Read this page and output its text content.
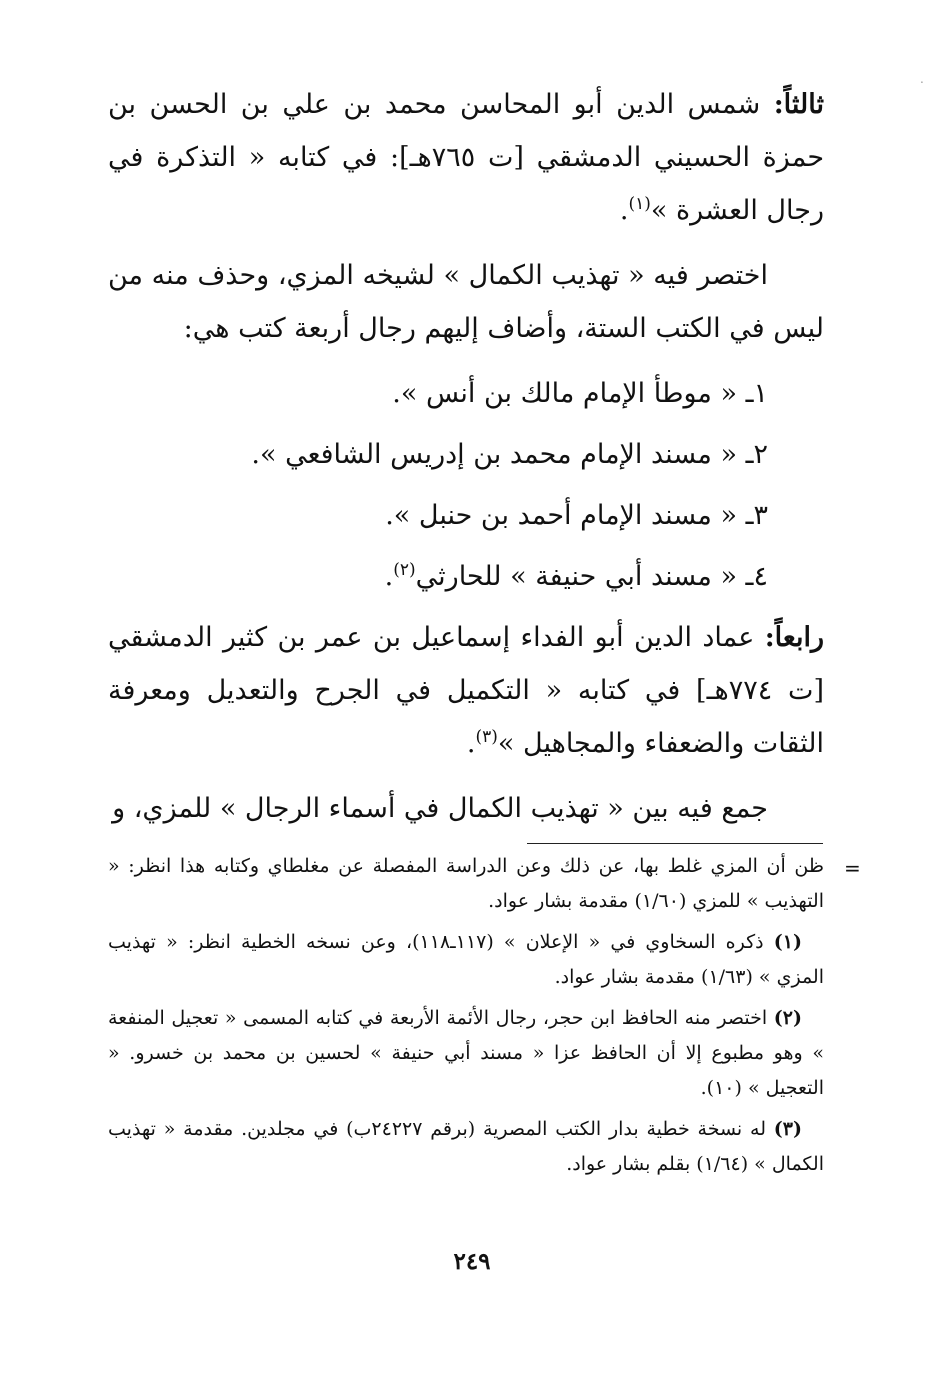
.

ثالثاً: شمس الدين أبو المحاسن محمد بن علي بن الحسن بن حمزة الحسيني الدمشقي [ت ٧٦٥هـ]: في كتابه « التذكرة في رجال العشرة »$^{(١)}$.

اختصر فيه « تهذيب الكمال » لشيخه المزي، وحذف منه من ليس في الكتب الستة، وأضاف إليهم رجال أربعة كتب هي:

١ـ « موطأ الإمام مالك بن أنس ».

٢ـ « مسند الإمام محمد بن إدريس الشافعي ».

٣ـ « مسند الإمام أحمد بن حنبل ».

٤ـ « مسند أبي حنيفة » للحارثي$^{(٢)}$.

رابعاً: عماد الدين أبو الفداء إسماعيل بن عمر بن كثير الدمشقي [ت ٧٧٤هـ] في كتابه « التكميل في الجرح والتعديل ومعرفة الثقات والضعفاء والمجاهيل »$^{(٣)}$.

جمع فيه بين « تهذيب الكمال في أسماء الرجال » للمزي، و

=

ظن أن المزي غلط بها، عن ذلك وعن الدراسة المفصلة عن مغلطاي وكتابه هذا انظر: « التهذيب » للمزي (١/٦٠) مقدمة بشار عواد.

(١) ذكره السخاوي في « الإعلان » (١١٧ـ١١٨)، وعن نسخه الخطية انظر: « تهذيب المزي » (١/٦٣) مقدمة بشار عواد.

(٢) اختصر منه الحافظ ابن حجر، رجال الأئمة الأربعة في كتابه المسمى « تعجيل المنفعة » وهو مطبوع إلا أن الحافظ عزا « مسند أبي حنيفة » لحسين بن محمد بن خسرو. « التعجيل » (١٠).

(٣) له نسخة خطية بدار الكتب المصرية (برقم ٢٤٢٢٧ب) في مجلدين. مقدمة « تهذيب الكمال » (١/٦٤) بقلم بشار عواد.

٢٤٩
